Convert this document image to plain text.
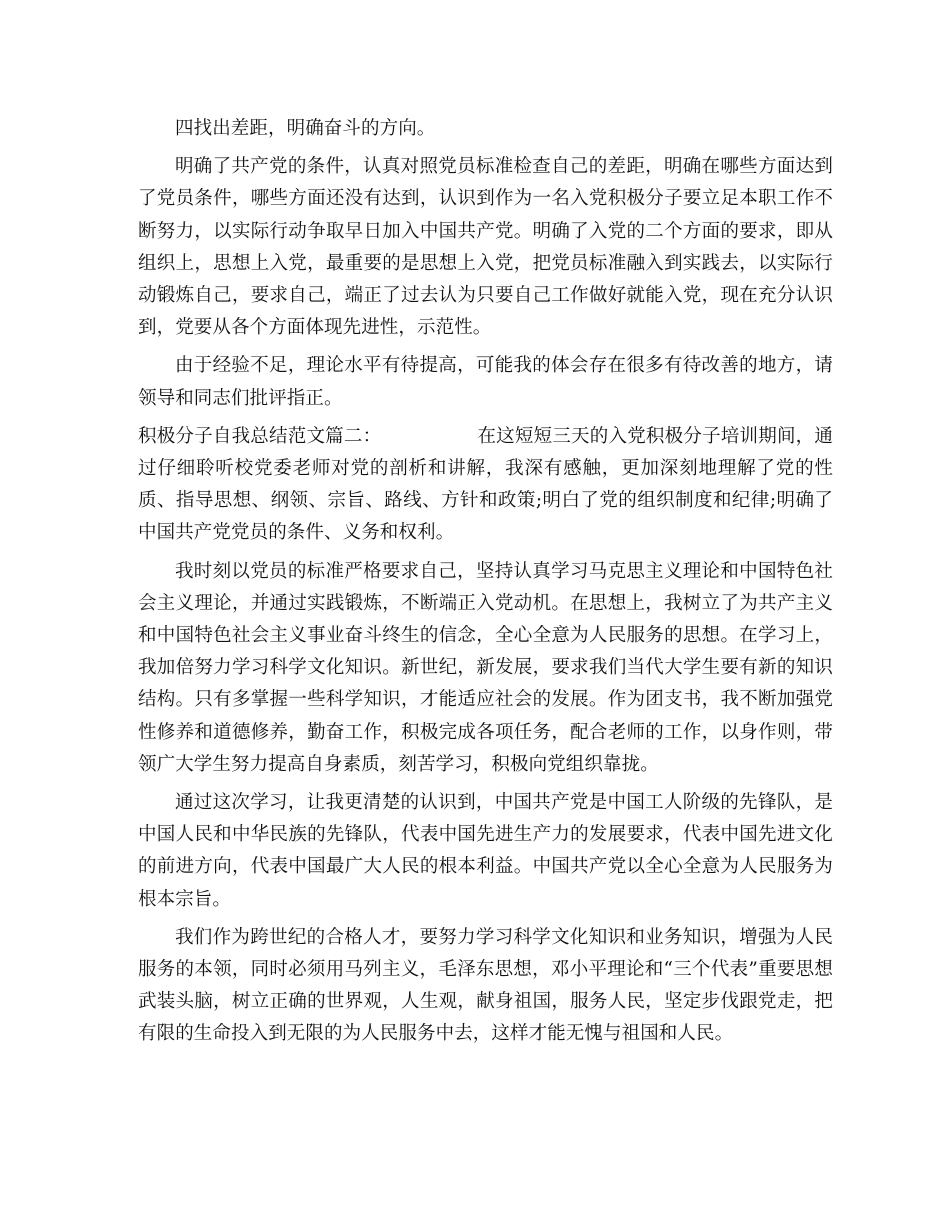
四找出差距，明确奋斗的方向。

明确了共产党的条件，认真对照党员标准检查自己的差距，明确在哪些方面达到了党员条件，哪些方面还没有达到，认识到作为一名入党积极分子要立足本职工作不断努力，以实际行动争取早日加入中国共产党。明确了入党的二个方面的要求，即从组织上，思想上入党，最重要的是思想上入党，把党员标准融入到实践去，以实际行动锻炼自己，要求自己，端正了过去认为只要自己工作做好就能入党，现在充分认识到，党要从各个方面体现先进性，示范性。

由于经验不足，理论水平有待提高，可能我的体会存在很多有待改善的地方，请领导和同志们批评指正。

积极分子自我总结范文篇二：	在这短短三天的入党积极分子培训期间，通过仔细聆听校党委老师对党的剖析和讲解，我深有感触，更加深刻地理解了党的性质、指导思想、纲领、宗旨、路线、方针和政策;明白了党的组织制度和纪律;明确了中国共产党党员的条件、义务和权利。

我时刻以党员的标准严格要求自己，坚持认真学习马克思主义理论和中国特色社会主义理论，并通过实践锻炼，不断端正入党动机。在思想上，我树立了为共产主义和中国特色社会主义事业奋斗终生的信念，全心全意为人民服务的思想。在学习上，我加倍努力学习科学文化知识。新世纪，新发展，要求我们当代大学生要有新的知识结构。只有多掌握一些科学知识，才能适应社会的发展。作为团支书，我不断加强党性修养和道德修养，勤奋工作，积极完成各项任务，配合老师的工作，以身作则，带领广大学生努力提高自身素质，刻苦学习，积极向党组织靠拢。

通过这次学习，让我更清楚的认识到，中国共产党是中国工人阶级的先锋队，是中国人民和中华民族的先锋队，代表中国先进生产力的发展要求，代表中国先进文化的前进方向，代表中国最广大人民的根本利益。中国共产党以全心全意为人民服务为根本宗旨。

我们作为跨世纪的合格人才，要努力学习科学文化知识和业务知识，增强为人民服务的本领，同时必须用马列主义，毛泽东思想，邓小平理论和“三个代表”重要思想武装头脑，树立正确的世界观，人生观，献身祖国，服务人民，坚定步伐跟党走，把有限的生命投入到无限的为人民服务中去，这样才能无愧与祖国和人民。
